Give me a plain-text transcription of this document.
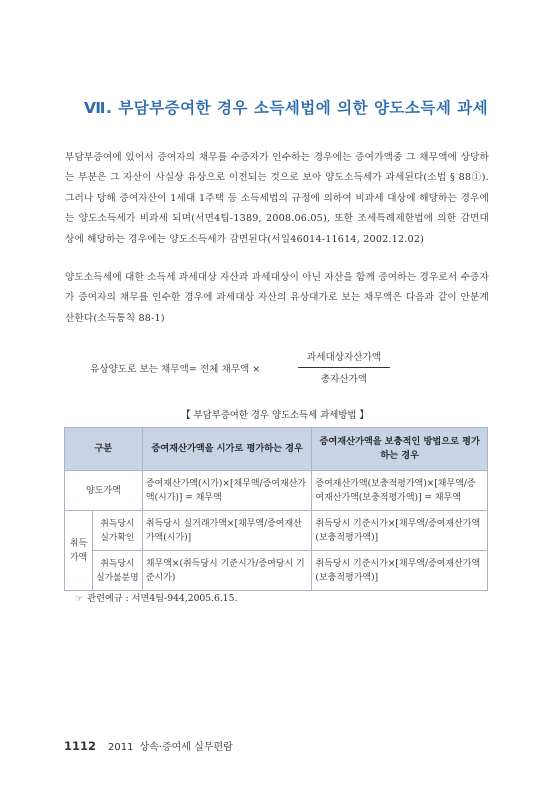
Ⅶ. 부담부증여한 경우 소득세법에 의한 양도소득세 과세
부담부증여에 있어서 증여자의 채무를 수증자가 인수하는 경우에는 증여가액중 그 채무액에 상당하는 부분은 그 자산이 사실상 유상으로 이전되는 것으로 보아 양도소득세가 과세된다(소법 § 88①). 그러나 당해 증여자산이 1세대 1주택 등 소득세법의 규정에 의하여 비과세 대상에 해당하는 경우에는 양도소득세가 비과세 되며(서면4팀-1389, 2008.06.05), 또한 조세특례제한법에 의한 감면대상에 해당하는 경우에는 양도소득세가 감면된다(서일46014-11614, 2002.12.02)
양도소득세에 대한 소득세 과세대상 자산과 과세대상이 아닌 자산을 함께 증여하는 경우로서 수증자가 증여자의 채무를 인수한 경우에 과세대상 자산의 유상대가로 보는 채무액은 다음과 같이 안분계산한다(소득통칙 88-1)
유상양도로 보는 채무액= 전체 채무액 ×
과세대상자산가액
총자산가액
【 부담부증여한 경우 양도소득세 과세방법 】
구분		증여재산가액을 시가로 평가하는 경우	증여재산가액을 보충적인 방법으로 평가하는 경우
양도가액		증여재산가액(시가)×[채무액/증여재산가액(시가)] = 채무액	증여재산가액(보충적평가액)×[채무액/증여재산가액(보충적평가액)] = 채무액
취득가액	취득당시 실가확인	취득당시 실거래가액×[채무액/증여재산가액(시가)]	취득당시 기준시가×[채무액/증여재산가액(보충적평가액)]
	취득당시 실가불분명	채무액×(취득당시 기준시가/증여당시 기준시가)	취득당시 기준시가×[채무액/증여재산가액(보충적평가액)]
☞ 관련예규 : 서면4팀-944,2005.6.15.
1112 2011 상속·증여세 실무편람
